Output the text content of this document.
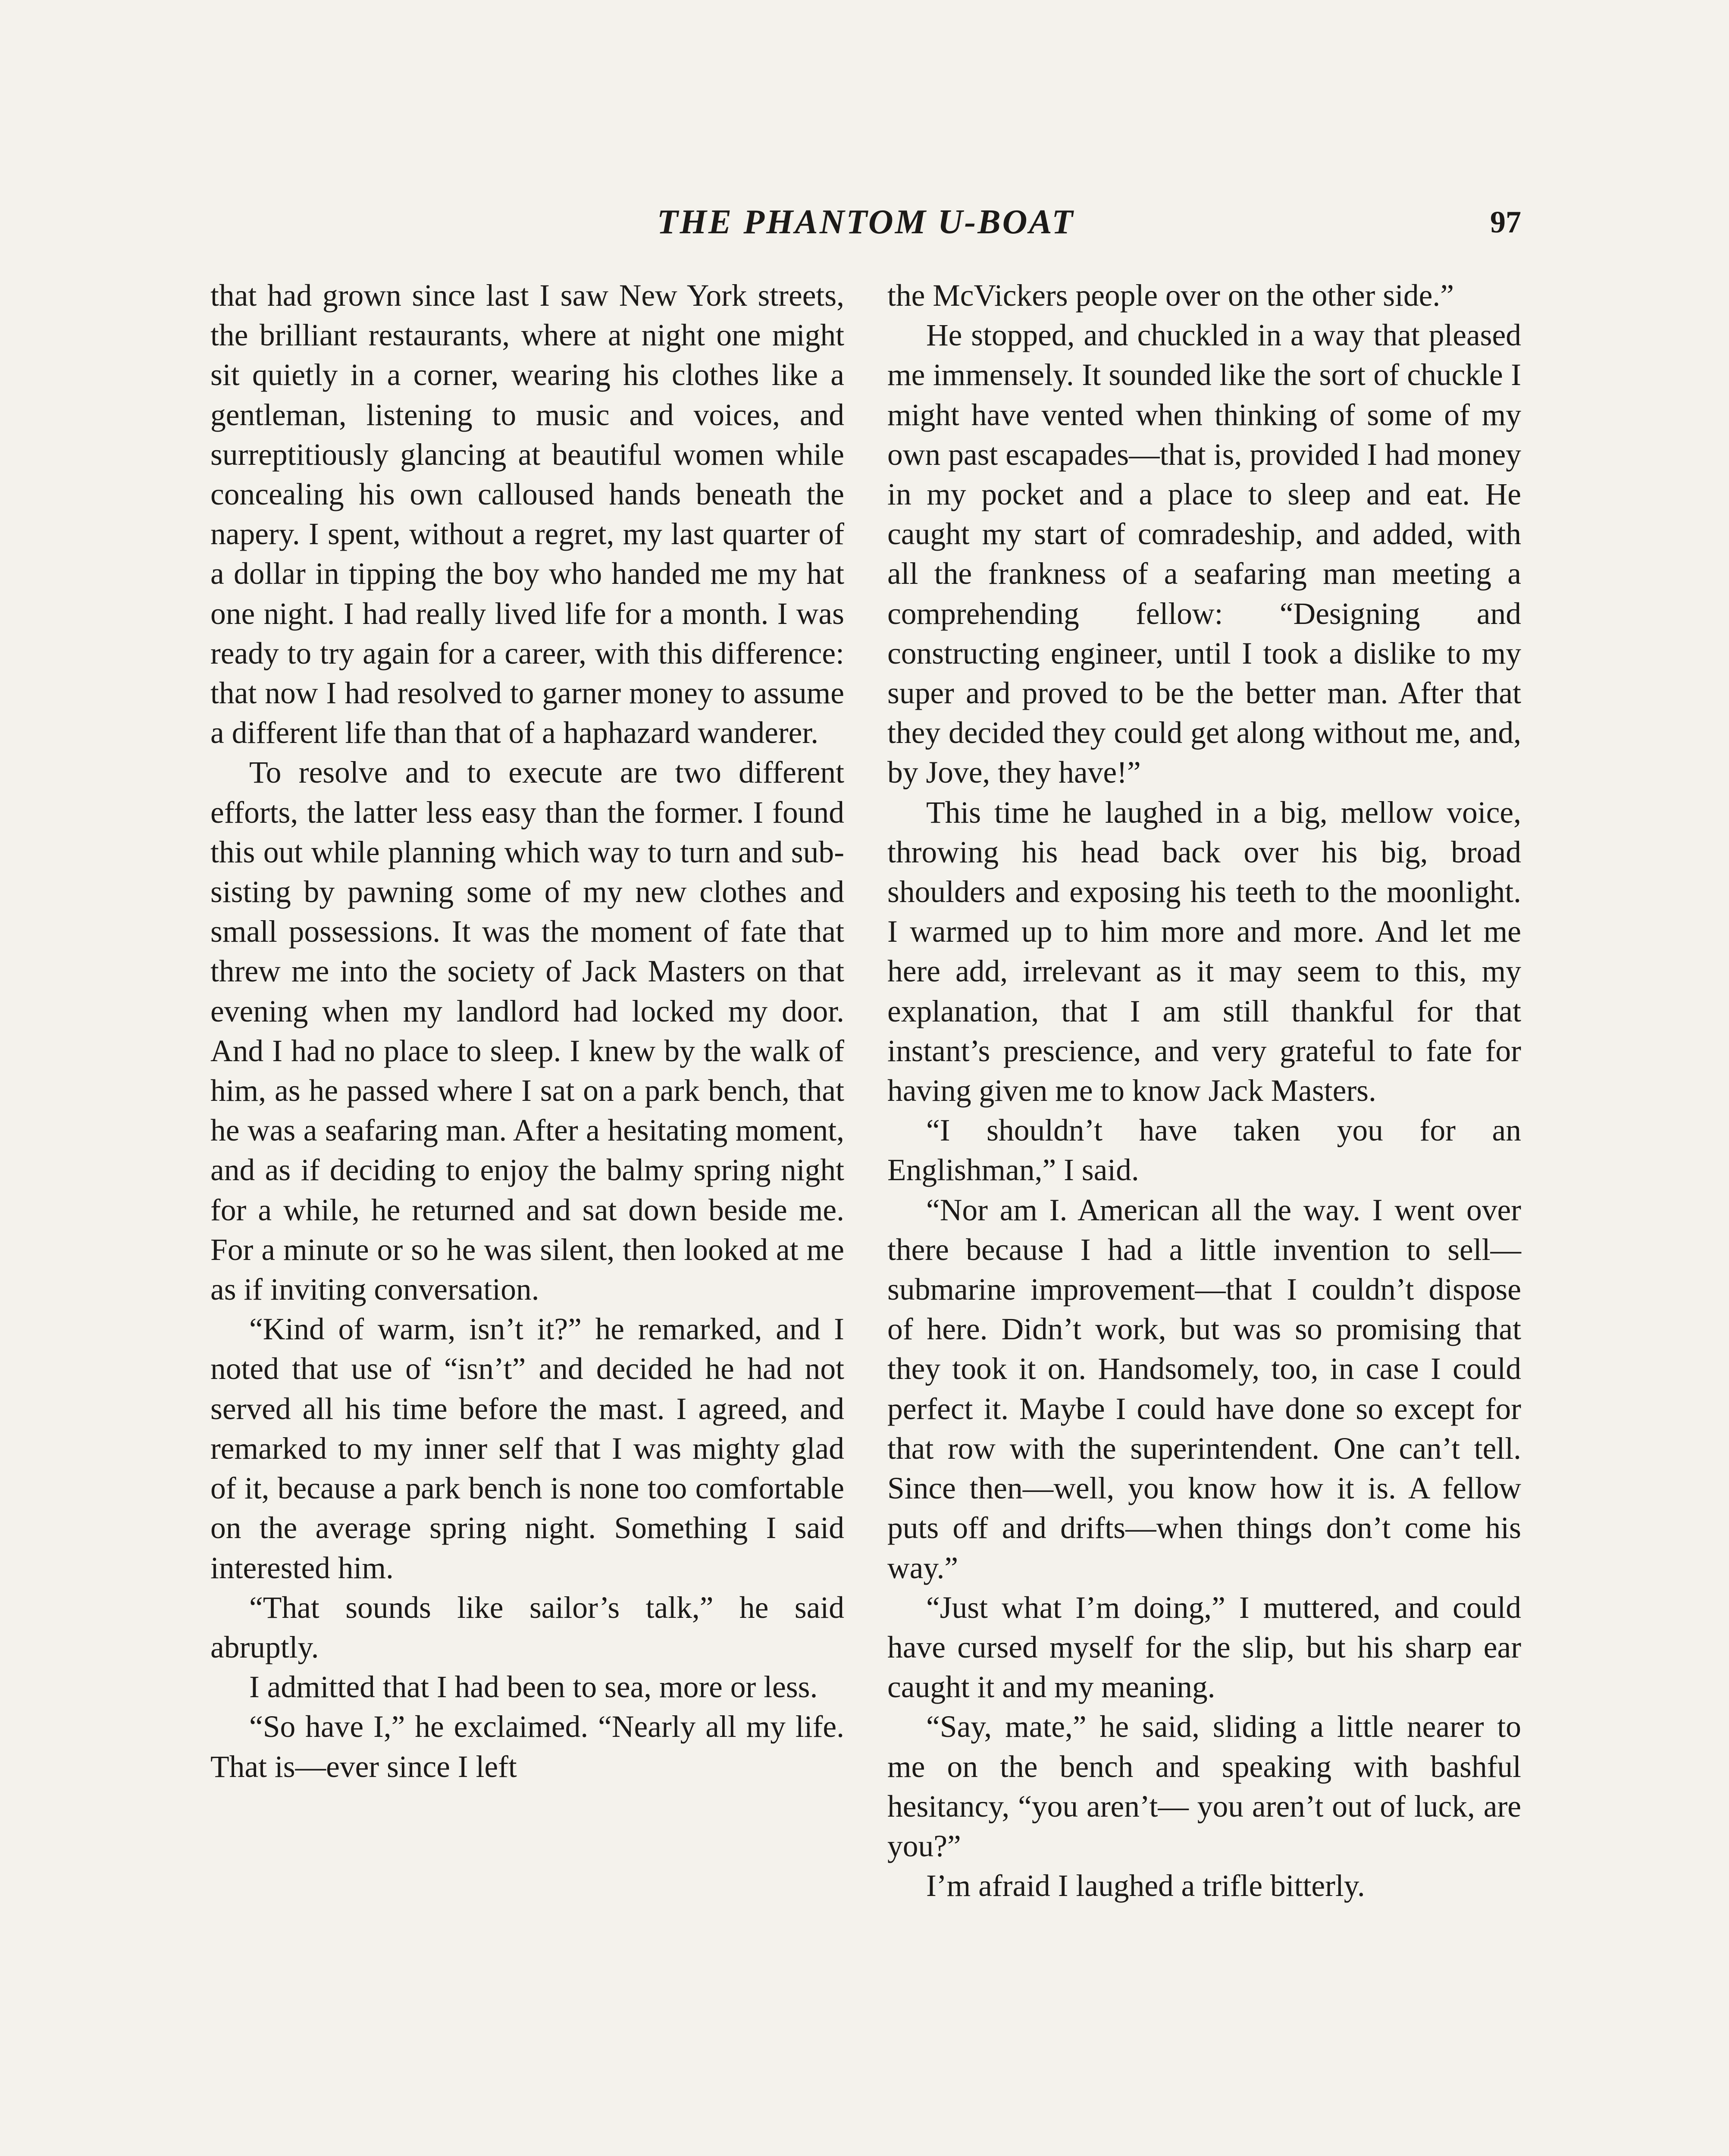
THE PHANTOM U-BOAT	97

that had grown since last I saw New York streets, the brilliant restaurants, where at night one might sit quietly in a corner, wearing his clothes like a gentleman, listening to music and voices, and surreptitiously glancing at beautiful women while concealing his own calloused hands beneath the napery. I spent, without a regret, my last quarter of a dollar in tipping the boy who handed me my hat one night. I had really lived life for a month. I was ready to try again for a career, with this difference: that now I had resolved to garner money to assume a different life than that of a haphazard wanderer.

To resolve and to execute are two different efforts, the latter less easy than the former. I found this out while planning which way to turn and subsisting by pawning some of my new clothes and small possessions. It was the moment of fate that threw me into the society of Jack Masters on that evening when my landlord had locked my door. And I had no place to sleep. I knew by the walk of him, as he passed where I sat on a park bench, that he was a seafaring man. After a hesitating moment, and as if deciding to enjoy the balmy spring night for a while, he returned and sat down beside me. For a minute or so he was silent, then looked at me as if inviting conversation.

“Kind of warm, isn’t it?” he remarked, and I noted that use of “isn’t” and decided he had not served all his time before the mast. I agreed, and remarked to my inner self that I was mighty glad of it, because a park bench is none too comfortable on the average spring night. Something I said interested him.

“That sounds like sailor’s talk,” he said abruptly.

I admitted that I had been to sea, more or less.

“So have I,” he exclaimed. “Nearly all my life. That is—ever since I left

the McVickers people over on the other side.”

He stopped, and chuckled in a way that pleased me immensely. It sounded like the sort of chuckle I might have vented when thinking of some of my own past escapades—that is, provided I had money in my pocket and a place to sleep and eat. He caught my start of comradeship, and added, with all the frankness of a seafaring man meeting a comprehending fellow: “Designing and constructing engineer, until I took a dislike to my super and proved to be the better man. After that they decided they could get along without me, and, by Jove, they have!”

This time he laughed in a big, mellow voice, throwing his head back over his big, broad shoulders and exposing his teeth to the moonlight. I warmed up to him more and more. And let me here add, irrelevant as it may seem to this, my explanation, that I am still thankful for that instant’s prescience, and very grateful to fate for having given me to know Jack Masters.

“I shouldn’t have taken you for an Englishman,” I said.

“Nor am I. American all the way. I went over there because I had a little invention to sell—submarine improvement—that I couldn’t dispose of here. Didn’t work, but was so promising that they took it on. Handsomely, too, in case I could perfect it. Maybe I could have done so except for that row with the superintendent. One can’t tell. Since then—well, you know how it is. A fellow puts off and drifts—when things don’t come his way.”

“Just what I’m doing,” I muttered, and could have cursed myself for the slip, but his sharp ear caught it and my meaning.

“Say, mate,” he said, sliding a little nearer to me on the bench and speaking with bashful hesitancy, “you aren’t— you aren’t out of luck, are you?”

I’m afraid I laughed a trifle bitterly.
